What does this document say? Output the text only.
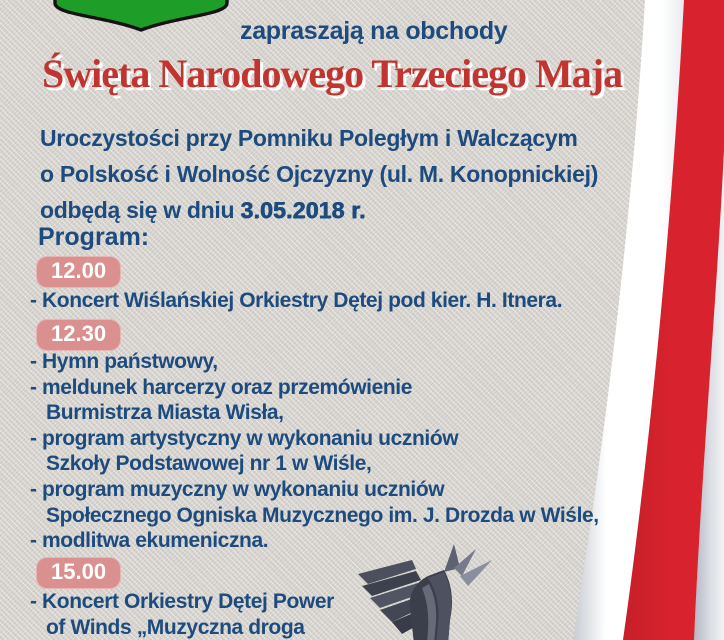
zapraszają na obchody
Święta Narodowego Trzeciego Maja
Uroczystości przy Pomniku Poległym i Walczącym
o Polskość i Wolność Ojczyzny (ul. M. Konopnickiej)
odbędą się w dniu 3.05.2018 r.
Program:
12.00
- Koncert Wiślańskiej Orkiestry Dętej pod kier. H. Itnera.
12.30
- Hymn państwowy,
- meldunek harcerzy oraz przemówienie
Burmistrza Miasta Wisła,
- program artystyczny w wykonaniu uczniów
Szkoły Podstawowej nr 1 w Wiśle,
- program muzyczny w wykonaniu uczniów
Społecznego Ogniska Muzycznego im. J. Drozda w Wiśle,
- modlitwa ekumeniczna.
15.00
- Koncert Orkiestry Dętej Power
of Winds „Muzyczna droga
